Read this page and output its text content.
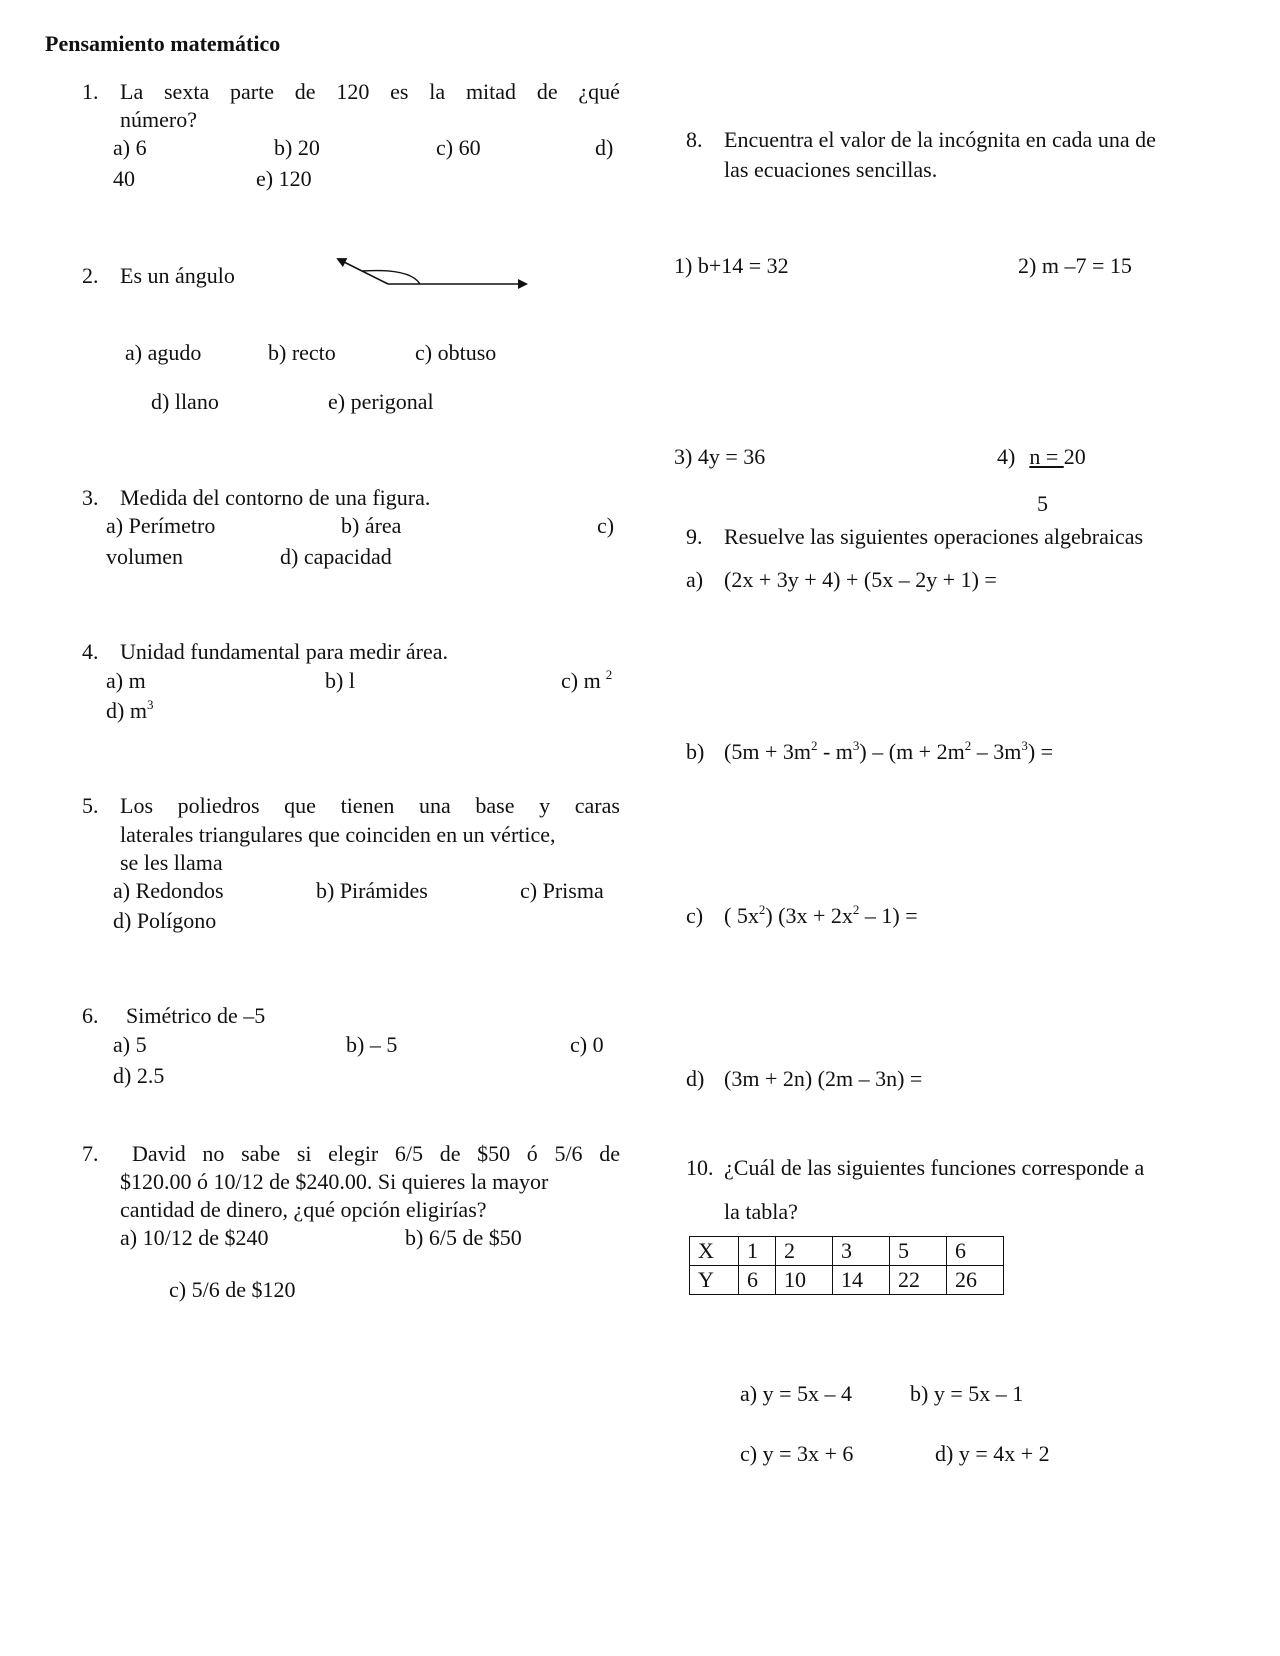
Pensamiento matemático
1. La sexta parte de 120 es la mitad de ¿qué
número?
a) 6	b) 20	c) 60	d)
40	e) 120
2. Es un ángulo
a) agudo	b) recto	c) obtuso
d) llano	e) perigonal
3. Medida del contorno de una figura.
a) Perímetro	b) área	c)
volumen	d) capacidad
4. Unidad fundamental para medir área.
a) m	b) l	c) m $^2$
d) $m^3$
5. Los poliedros que tienen una base y caras
laterales triangulares que coinciden en un vértice,
se les llama
a) Redondos	b) Pirámides	c) Prisma
d) Polígono
6. Simétrico de –5
a) 5	b) – 5	c) 0
d) 2.5
7. David no sabe si elegir 6/5 de $50 ó 5/6 de
$120.00 ó 10/12 de $240.00. Si quieres la mayor
cantidad de dinero, ¿qué opción eligirías?
a) 10/12 de $240	b) 6/5 de $50
c) 5/6 de $120
8. Encuentra el valor de la incógnita en cada una de
las ecuaciones sencillas.
1) b+14 = 32	2) m –7 = 15
3) 4y = 36	4) n = 20
5
9. Resuelve las siguientes operaciones algebraicas
a) (2x + 3y + 4) + (5x – 2y + 1) =
b) $(5m + 3m^2 - m^3) - (m + 2m^2 - 3m^3)$ =
c) ( $5x^2$) $(3x + 2x^2 - 1)$ =
d) (3m + 2n) (2m – 3n) =
10. ¿Cuál de las siguientes funciones corresponde a
la tabla?
X	1	2	3	5	6
Y	6	10	14	22	26
a) y = 5x – 4	b) y = 5x – 1
c) y = 3x + 6	d) y = 4x + 2
